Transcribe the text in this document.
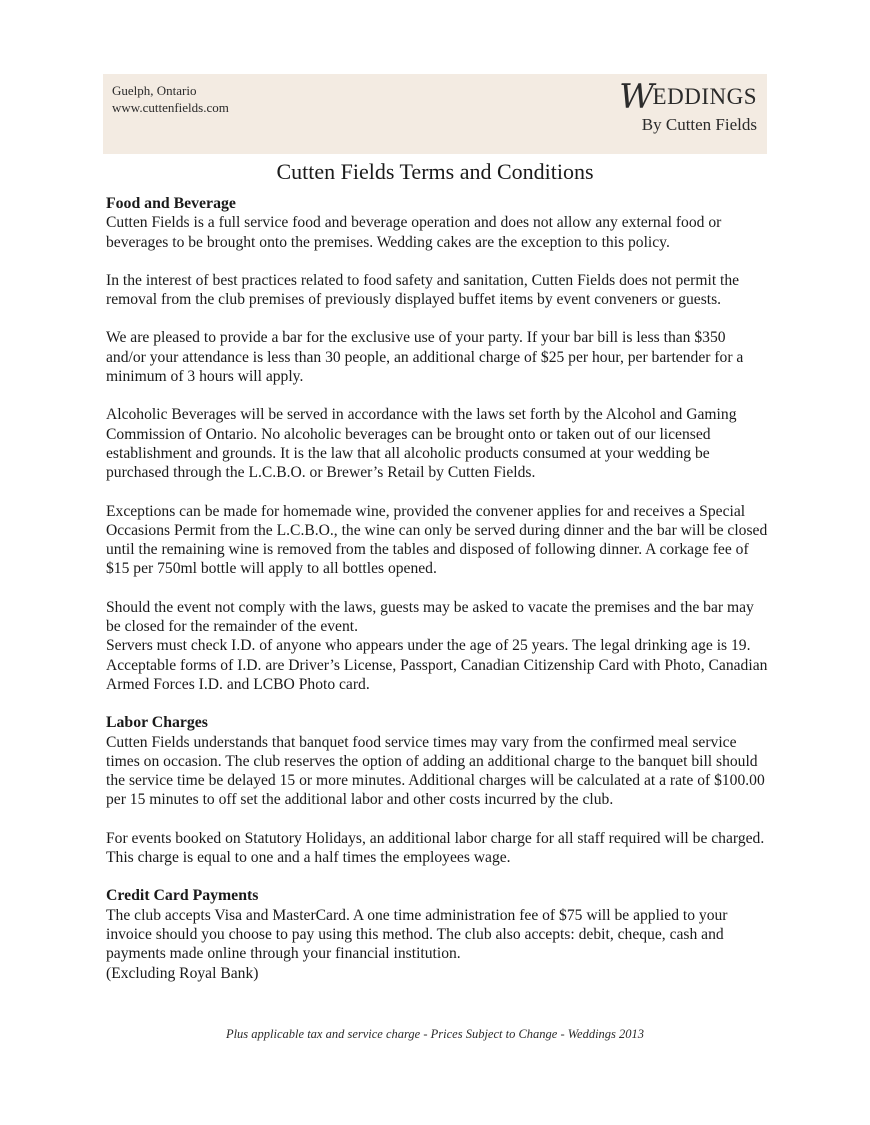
Guelph, Ontario
www.cuttenfields.com	WEDDINGS
By Cutten Fields
Cutten Fields Terms and Conditions
Food and Beverage

Cutten Fields is a full service food and beverage operation and does not allow any external food or beverages to be brought onto the premises. Wedding cakes are the exception to this policy.

In the interest of best practices related to food safety and sanitation, Cutten Fields does not permit the removal from the club premises of previously displayed buffet items by event conveners or guests.

We are pleased to provide a bar for the exclusive use of your party. If your bar bill is less than $350 and/or your attendance is less than 30 people, an additional charge of $25 per hour, per bartender for a minimum of 3 hours will apply.

Alcoholic Beverages will be served in accordance with the laws set forth by the Alcohol and Gaming Commission of Ontario. No alcoholic beverages can be brought onto or taken out of our licensed establishment and grounds. It is the law that all alcoholic products consumed at your wedding be purchased through the L.C.B.O. or Brewer’s Retail by Cutten Fields.

Exceptions can be made for homemade wine, provided the convener applies for and receives a Special Occasions Permit from the L.C.B.O., the wine can only be served during dinner and the bar will be closed until the remaining wine is removed from the tables and disposed of following dinner. A corkage fee of $15 per 750ml bottle will apply to all bottles opened.

Should the event not comply with the laws, guests may be asked to vacate the premises and the bar may be closed for the remainder of the event.

Servers must check I.D. of anyone who appears under the age of 25 years. The legal drinking age is 19. Acceptable forms of I.D. are Driver’s License, Passport, Canadian Citizenship Card with Photo, Canadian Armed Forces I.D. and LCBO Photo card.

Labor Charges

Cutten Fields understands that banquet food service times may vary from the confirmed meal service times on occasion. The club reserves the option of adding an additional charge to the banquet bill should the service time be delayed 15 or more minutes. Additional charges will be calculated at a rate of $100.00 per 15 minutes to off set the additional labor and other costs incurred by the club.

For events booked on Statutory Holidays, an additional labor charge for all staff required will be charged. This charge is equal to one and a half times the employees wage.

Credit Card Payments

The club accepts Visa and MasterCard. A one time administration fee of $75 will be applied to your invoice should you choose to pay using this method. The club also accepts: debit, cheque, cash and payments made online through your financial institution.

(Excluding Royal Bank)

Plus applicable tax and service charge - Prices Subject to Change - Weddings 2013
